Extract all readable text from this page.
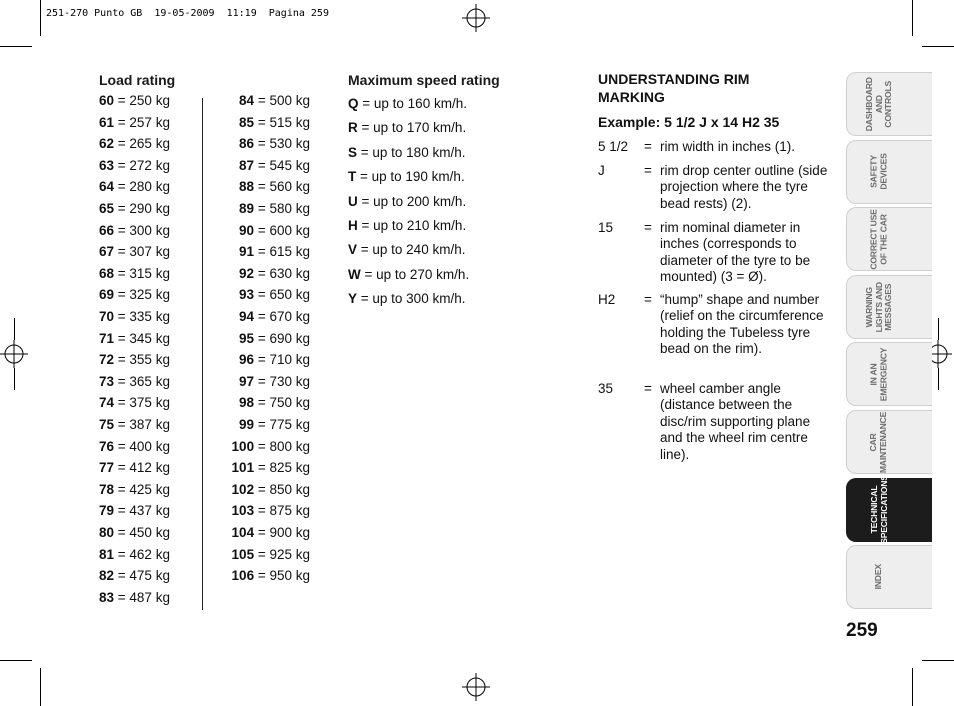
251-270 Punto GB  19-05-2009  11:19  Pagina 259
Load rating
60 = 250 kg
61 = 257 kg
62 = 265 kg
63 = 272 kg
64 = 280 kg
65 = 290 kg
66 = 300 kg
67 = 307 kg
68 = 315 kg
69 = 325 kg
70 = 335 kg
71 = 345 kg
72 = 355 kg
73 = 365 kg
74 = 375 kg
75 = 387 kg
76 = 400 kg
77 = 412 kg
78 = 425 kg
79 = 437 kg
80 = 450 kg
81 = 462 kg
82 = 475 kg
83 = 487 kg
84 = 500 kg
85 = 515 kg
86 = 530 kg
87 = 545 kg
88 = 560 kg
89 = 580 kg
90 = 600 kg
91 = 615 kg
92 = 630 kg
93 = 650 kg
94 = 670 kg
95 = 690 kg
96 = 710 kg
97 = 730 kg
98 = 750 kg
99 = 775 kg
100 = 800 kg
101 = 825 kg
102 = 850 kg
103 = 875 kg
104 = 900 kg
105 = 925 kg
106 = 950 kg
Maximum speed rating
Q = up to 160 km/h.
R = up to 170 km/h.
S = up to 180 km/h.
T = up to 190 km/h.
U = up to 200 km/h.
H = up to 210 km/h.
V = up to 240 km/h.
W = up to 270 km/h.
Y = up to 300 km/h.
UNDERSTANDING RIM MARKING
Example: 5 1/2 J x 14 H2 35
5 1/2 = rim width in inches (1).
J	= rim drop center outline (side projection where the tyre bead rests) (2).
15 = rim nominal diameter in inches (corresponds to diameter of the tyre to be mounted) (3 = Ø).
H2 = “hump” shape and number (relief on the circumference holding the Tubeless tyre bead on the rim).
35 = wheel camber angle (distance between the disc/rim supporting plane and the wheel rim centre line).
DASHBOARD
AND
CONTROLS
SAFETY
DEVICES
CORRECT USE
OF THE CAR
WARNING
LIGHTS AND
MESSAGES
IN AN
EMERGENCY
CAR
MAINTENANCE
TECHNICAL
SPECIFICATIONS
INDEX
259
